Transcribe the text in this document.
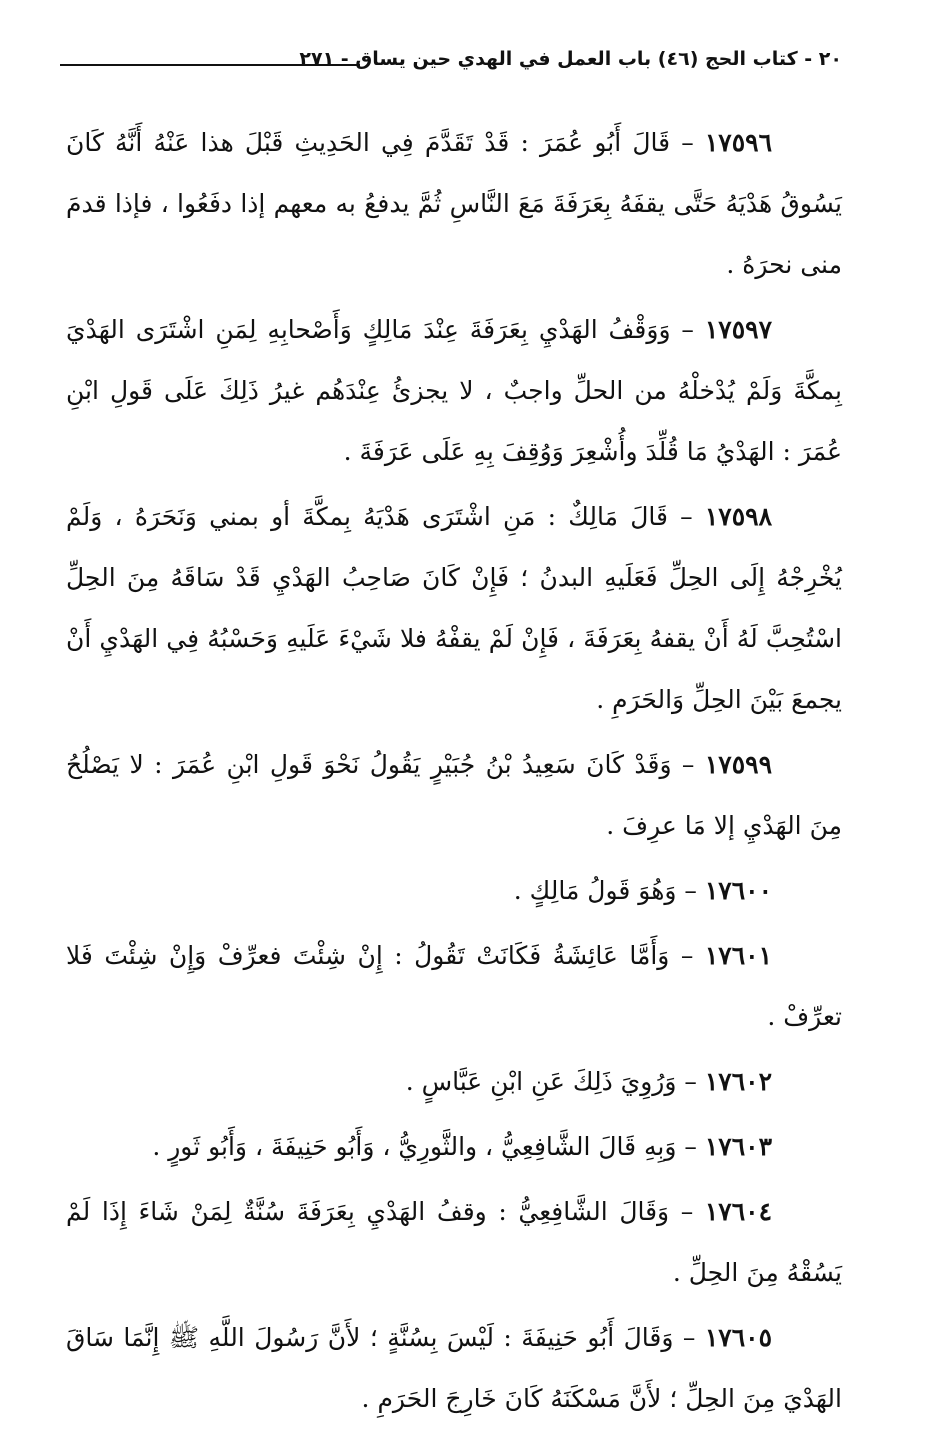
٢٠ - كتاب الحج (٤٦) باب العمل في الهدي حين يساق - ٢٧١

١٧٥٩٦ – قَالَ أَبُو عُمَرَ : قَدْ تَقَدَّمَ فِي الحَدِيثِ قَبْلَ هذا عَنْهُ أَنَّهُ كَانَ يَسُوقُ هَدْيَهُ حَتَّى يقفَهُ بِعَرَفَةَ مَعَ النَّاسِ ثُمَّ يدفعُ به معهم إذا دفَعُوا ، فإذا قدمَ منى نحرَهُ .

١٧٥٩٧ – وَوَقْفُ الهَدْيِ بِعَرَفَةَ عِنْدَ مَالِكٍ وَأَصْحابِهِ لِمَنِ اشْتَرَى الهَدْيَ بِمكَّةَ وَلَمْ يُدْخلْهُ من الحلِّ واجبٌ ، لا يجزئُ عِنْدَهُم غيرُ ذَلِكَ عَلَى قَولِ ابْنِ عُمَرَ : الهَدْيُ مَا قُلِّدَ وأُشْعِرَ وَوُقِفَ بِهِ عَلَى عَرَفَةَ .

١٧٥٩٨ – قَالَ مَالِكٌ : مَنِ اشْتَرَى هَدْيَهُ بِمكَّةَ أو بمني وَنَحَرَهُ ، وَلَمْ يُخْرِجْهُ إِلَى الحِلِّ فَعَلَيهِ البدنُ ؛ فَإِنْ كَانَ صَاحِبُ الهَدْيِ قَدْ سَاقَهُ مِنَ الحِلِّ اسْتُحِبَّ لَهُ أَنْ يقفهُ بِعَرَفَةَ ، فَإِنْ لَمْ يقفْهُ فلا شَيْءَ عَلَيهِ وَحَسْبُهُ فِي الهَدْيِ أَنْ يجمعَ بَيْنَ الحِلِّ وَالحَرَمِ .

١٧٥٩٩ – وَقَدْ كَانَ سَعِيدُ بْنُ جُبَيْرٍ يَقُولُ نَحْوَ قَولِ ابْنِ عُمَرَ : لا يَصْلُحُ مِنَ الهَدْيِ إلا مَا عرِفَ .

١٧٦٠٠ – وَهُوَ قَولُ مَالِكٍ .

١٧٦٠١ – وَأَمَّا عَائِشَةُ فَكَانَتْ تَقُولُ : إِنْ شِئْتَ فعرِّفْ وَإِنْ شِئْتَ فَلا تعرِّفْ .

١٧٦٠٢ – وَرُوِيَ ذَلِكَ عَنِ ابْنِ عَبَّاسٍ .

١٧٦٠٣ – وَبِهِ قَالَ الشَّافِعِيُّ ، والثَّورِيُّ ، وَأَبُو حَنِيفَةَ ، وَأَبُو ثَورٍ .

١٧٦٠٤ – وَقَالَ الشَّافِعِيُّ : وقفُ الهَدْيِ بِعَرَفَةَ سُنَّةٌ لِمَنْ شَاءَ إِذَا لَمْ يَسُقْهُ مِنَ الحِلِّ .

١٧٦٠٥ – وَقَالَ أَبُو حَنِيفَةَ : لَيْسَ بِسُنَّةٍ ؛ لأَنَّ رَسُولَ اللَّهِ ﷺ إِنَّمَا سَاقَ الهَدْيَ مِنَ الحِلِّ ؛ لأَنَّ مَسْكَنَهُ كَانَ خَارِجَ الحَرَمِ .
